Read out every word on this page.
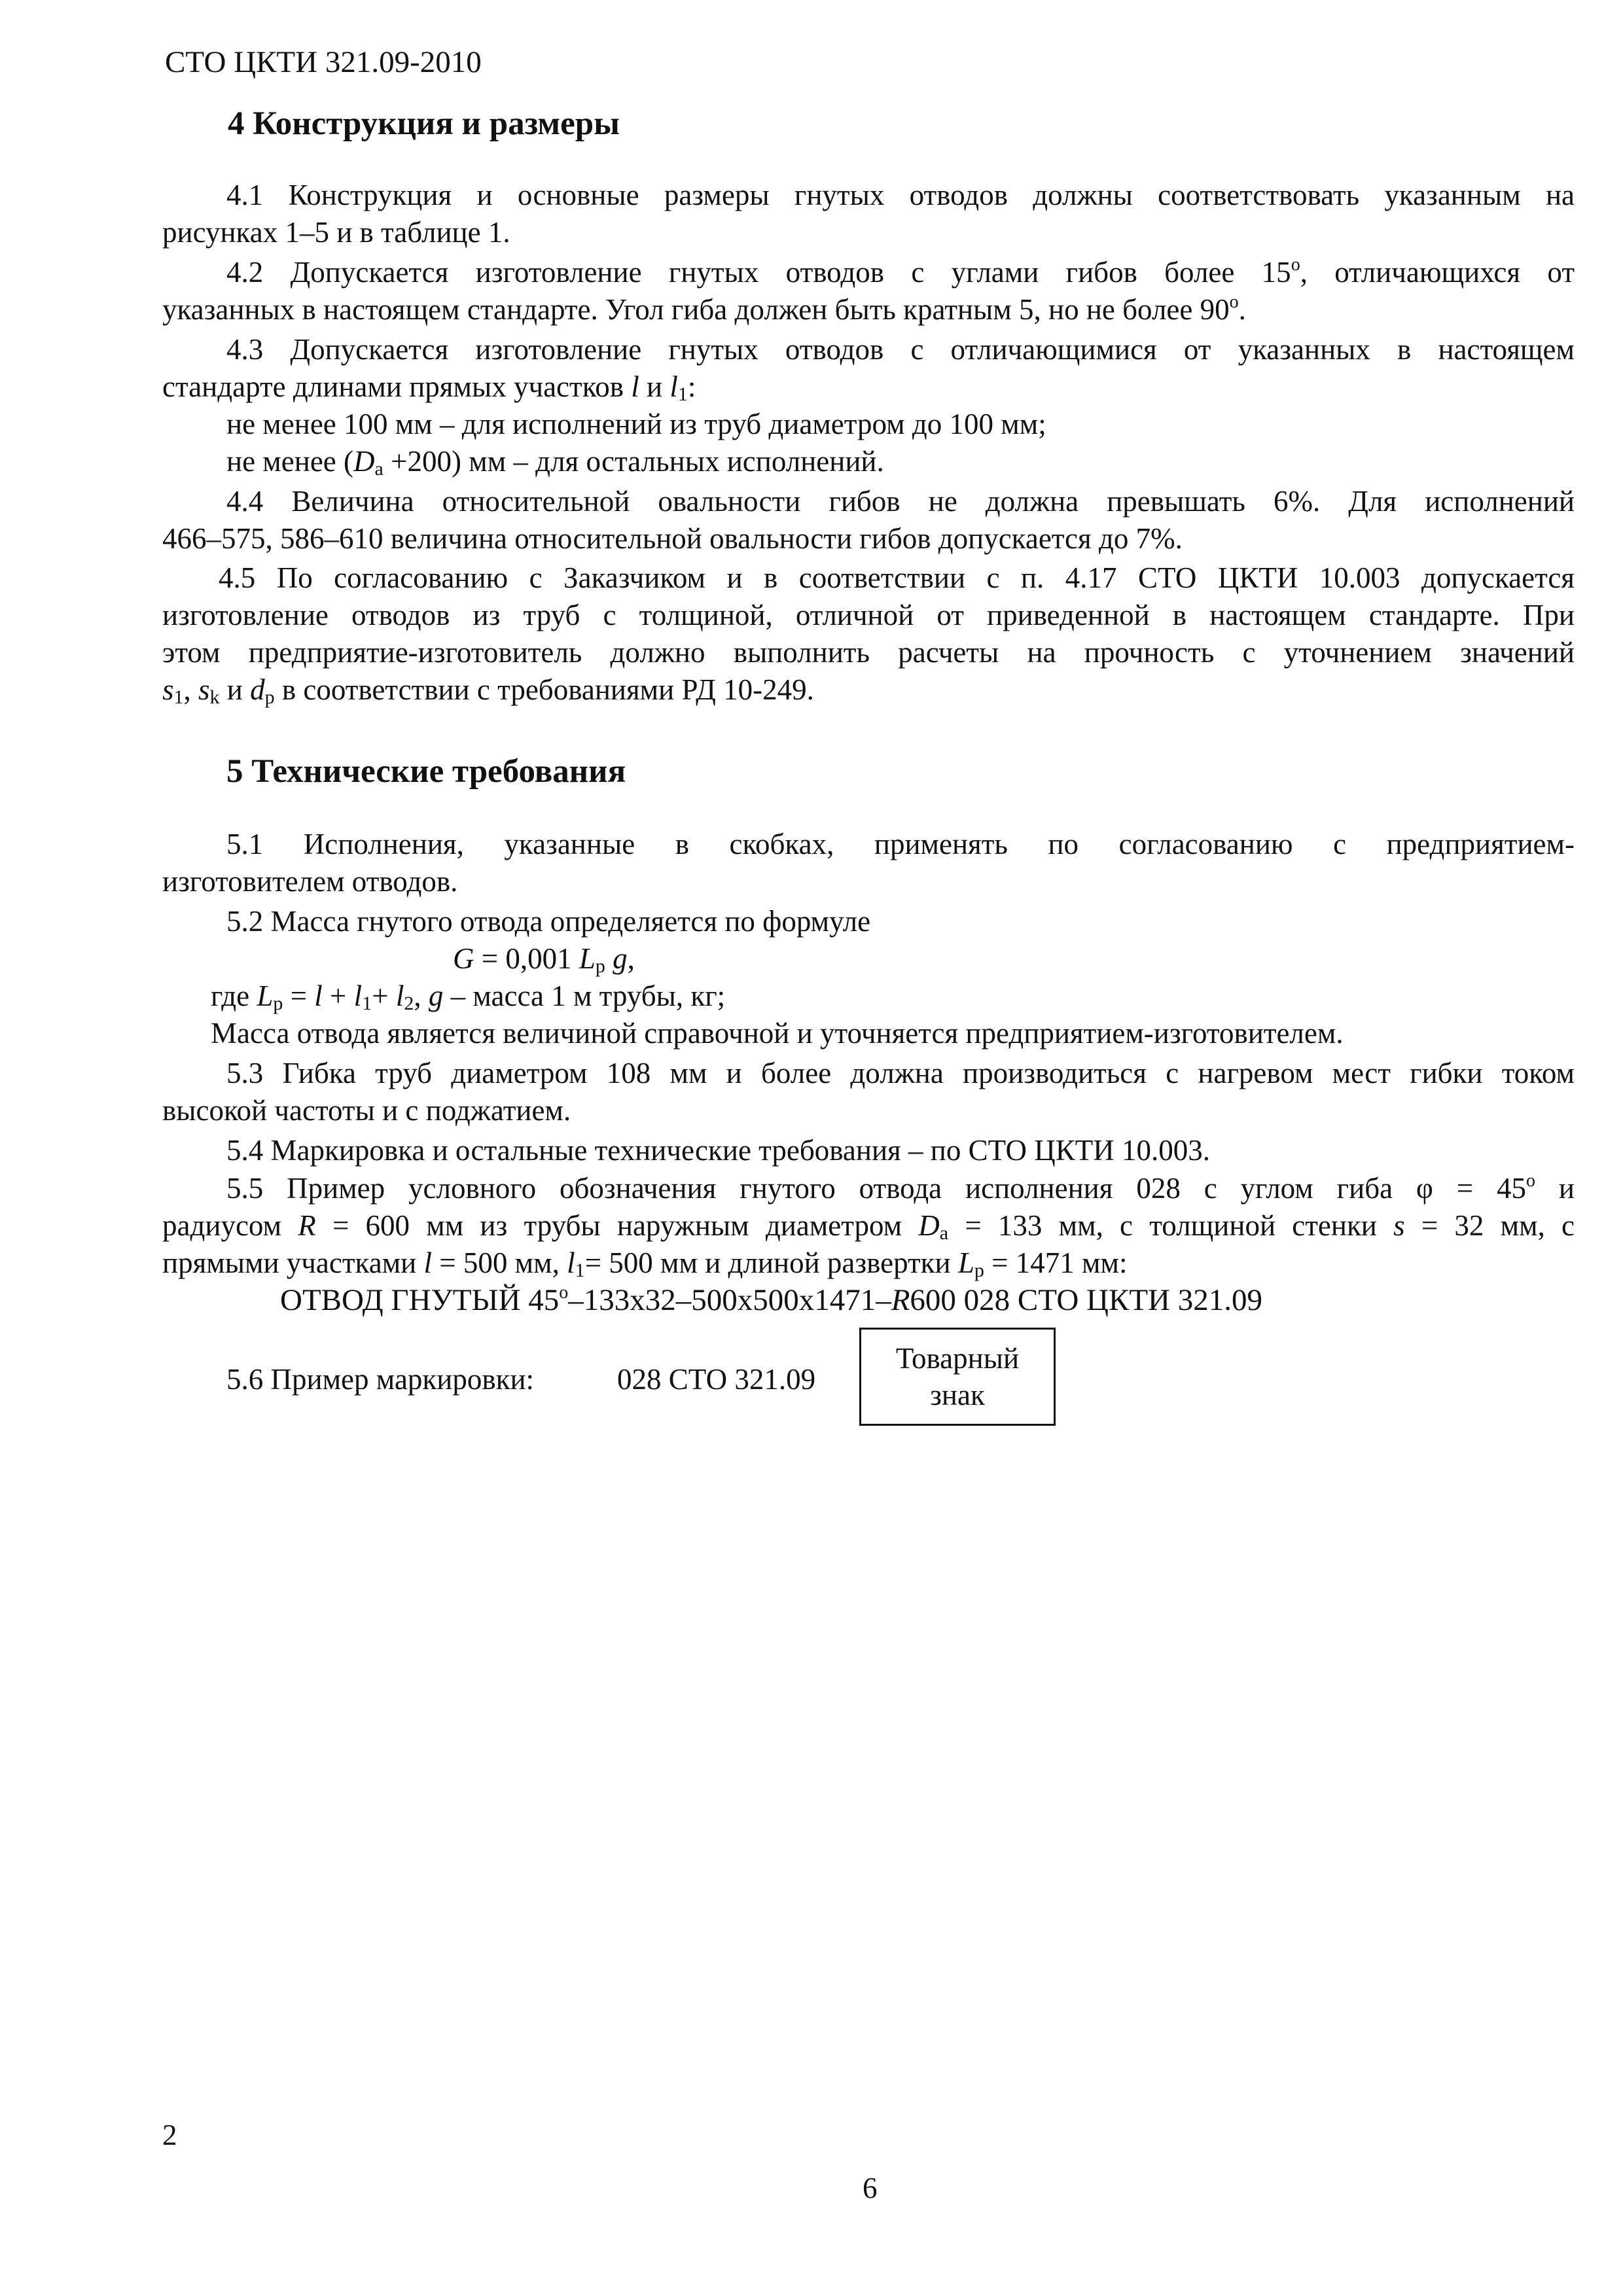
СТО ЦКТИ 321.09-2010
4 Конструкция и размеры
4.1 Конструкция и основные размеры гнутых отводов должны соответствовать указанным на
рисунках 1–5 и в таблице 1.
4.2 Допускается изготовление гнутых отводов с углами гибов более 15$^o$, отличающихся от
указанных в настоящем стандарте. Угол гиба должен быть кратным 5, но не более 90$^o$.
4.3 Допускается изготовление гнутых отводов с отличающимися от указанных в настоящем
стандарте длинами прямых участков l и $l_1$:
не менее 100 мм – для исполнений из труб диаметром до 100 мм;
не менее $(D_a +200)$ мм – для остальных исполнений.
4.4 Величина относительной овальности гибов не должна превышать 6%. Для исполнений
466–575, 586–610 величина относительной овальности гибов допускается до 7%.
4.5 По согласованию с Заказчиком и в соответствии с п. 4.17 СТО ЦКТИ 10.003 допускается
изготовление отводов из труб с толщиной, отличной от приведенной в настоящем стандарте. При
этом предприятие-изготовитель должно выполнить расчеты на прочность с уточнением значений
$s_1$, $s_k$ и $d_p$ в соответствии с требованиями РД 10-249.
5 Технические требования
5.1 Исполнения, указанные в скобках, применять по согласованию с предприятием-
изготовителем отводов.
5.2 Масса гнутого отвода определяется по формуле
G = 0,001 $L_p$ g,
где $L_p = l + l_1+ l_2$, g – масса 1 м трубы, кг;
Масса отвода является величиной справочной и уточняется предприятием-изготовителем.
5.3 Гибка труб диаметром 108 мм и более должна производиться с нагревом мест гибки током
высокой частоты и с поджатием.
5.4 Маркировка и остальные технические требования – по СТО ЦКТИ 10.003.
5.5 Пример условного обозначения гнутого отвода исполнения 028 с углом гиба $\varphi = 45^o$ и
радиусом R = 600 мм из трубы наружным диаметром $D_a = 133$ мм, с толщиной стенки s = 32 мм, с
прямыми участками l = 500 мм, $l_1= 500$ мм и длиной развертки $L_p = 1471$ мм:
ОТВОД ГНУТЫЙ 45$^o$–133x32–500x500x1471–R600 028 СТО ЦКТИ 321.09
5.6 Пример маркировки:	028 СТО 321.09
Товарный
знак
2
6
